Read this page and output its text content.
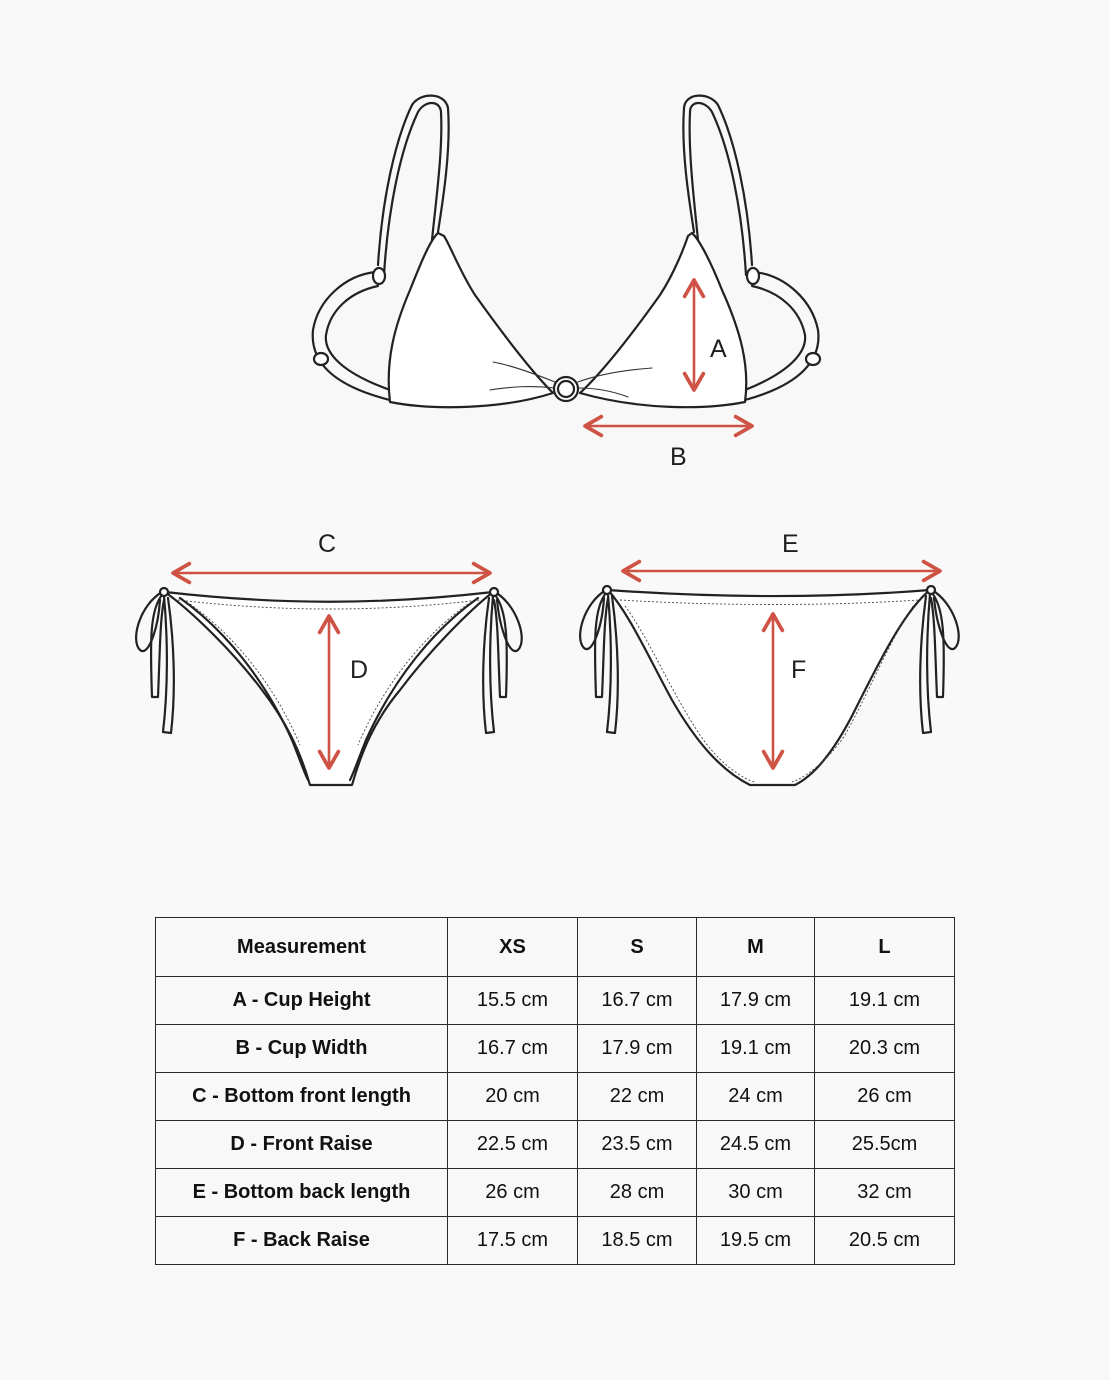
A
B
C
D
E
F
Measurement	XS	S	M	L
A - Cup Height	15.5 cm	16.7 cm	17.9 cm	19.1 cm
B - Cup Width	16.7 cm	17.9 cm	19.1 cm	20.3 cm
C - Bottom front length	20 cm	22 cm	24 cm	26 cm
D - Front Raise	22.5 cm	23.5 cm	24.5 cm	25.5cm
E - Bottom back length	26 cm	28 cm	30 cm	32 cm
F - Back Raise	17.5 cm	18.5 cm	19.5 cm	20.5 cm
